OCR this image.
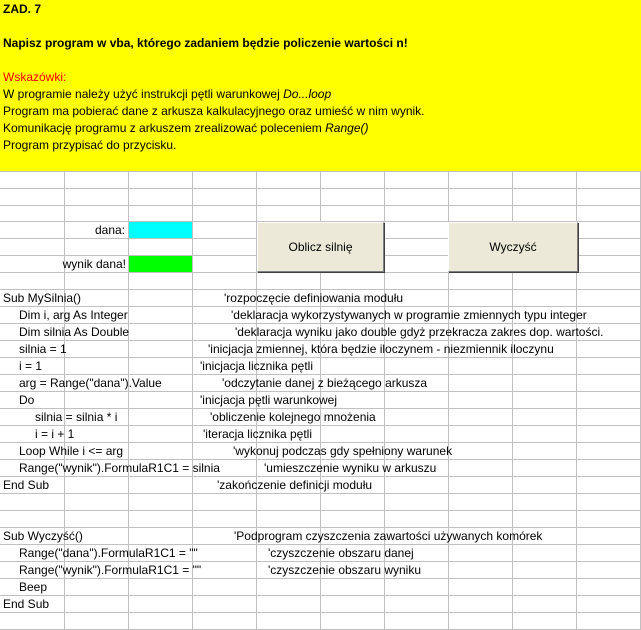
ZAD. 7
Napisz program w vba, którego zadaniem będzie policzenie wartości n!
Wskazówki:
W programie należy użyć instrukcji pętli warunkowej Do...loop
Program ma pobierać dane z arkusza kalkulacyjnego oraz umieść w nim wynik.
Komunikację programu z arkuszem zrealizować poleceniem Range()
Program przypisać do przycisku.
dana:
wynik dana!
Oblicz silnię	Wyczyść
Sub MySilnia()	'rozpoczęcie definiowania modułu
Dim i, arg As Integer	'deklaracja wykorzystywanych w programie zmiennych typu integer
Dim silnia As Double	'deklaracja wyniku jako double gdyż przekracza zakres dop. wartości.
silnia = 1	'inicjacja zmiennej, która będzie iloczynem - niezmiennik iloczynu
i = 1	'inicjacja licznika pętli
arg = Range("dana").Value	'odczytanie danej z bieżącego arkusza
Do	'inicjacja pętli warunkowej
silnia = silnia * i	'obliczenie kolejnego mnożenia
i = i + 1	'iteracja licznika pętli
Loop While i <= arg	'wykonuj podczas gdy spełniony warunek
Range("wynik").FormulaR1C1 = silnia	'umieszczenie wyniku w arkuszu
End Sub	'zakończenie definicji modułu
Sub Wyczyść()	'Podprogram czyszczenia zawartości używanych komórek
Range("dana").FormulaR1C1 = ""	'czyszczenie obszaru danej
Range("wynik").FormulaR1C1 = ""	'czyszczenie obszaru wyniku
Beep
End Sub
